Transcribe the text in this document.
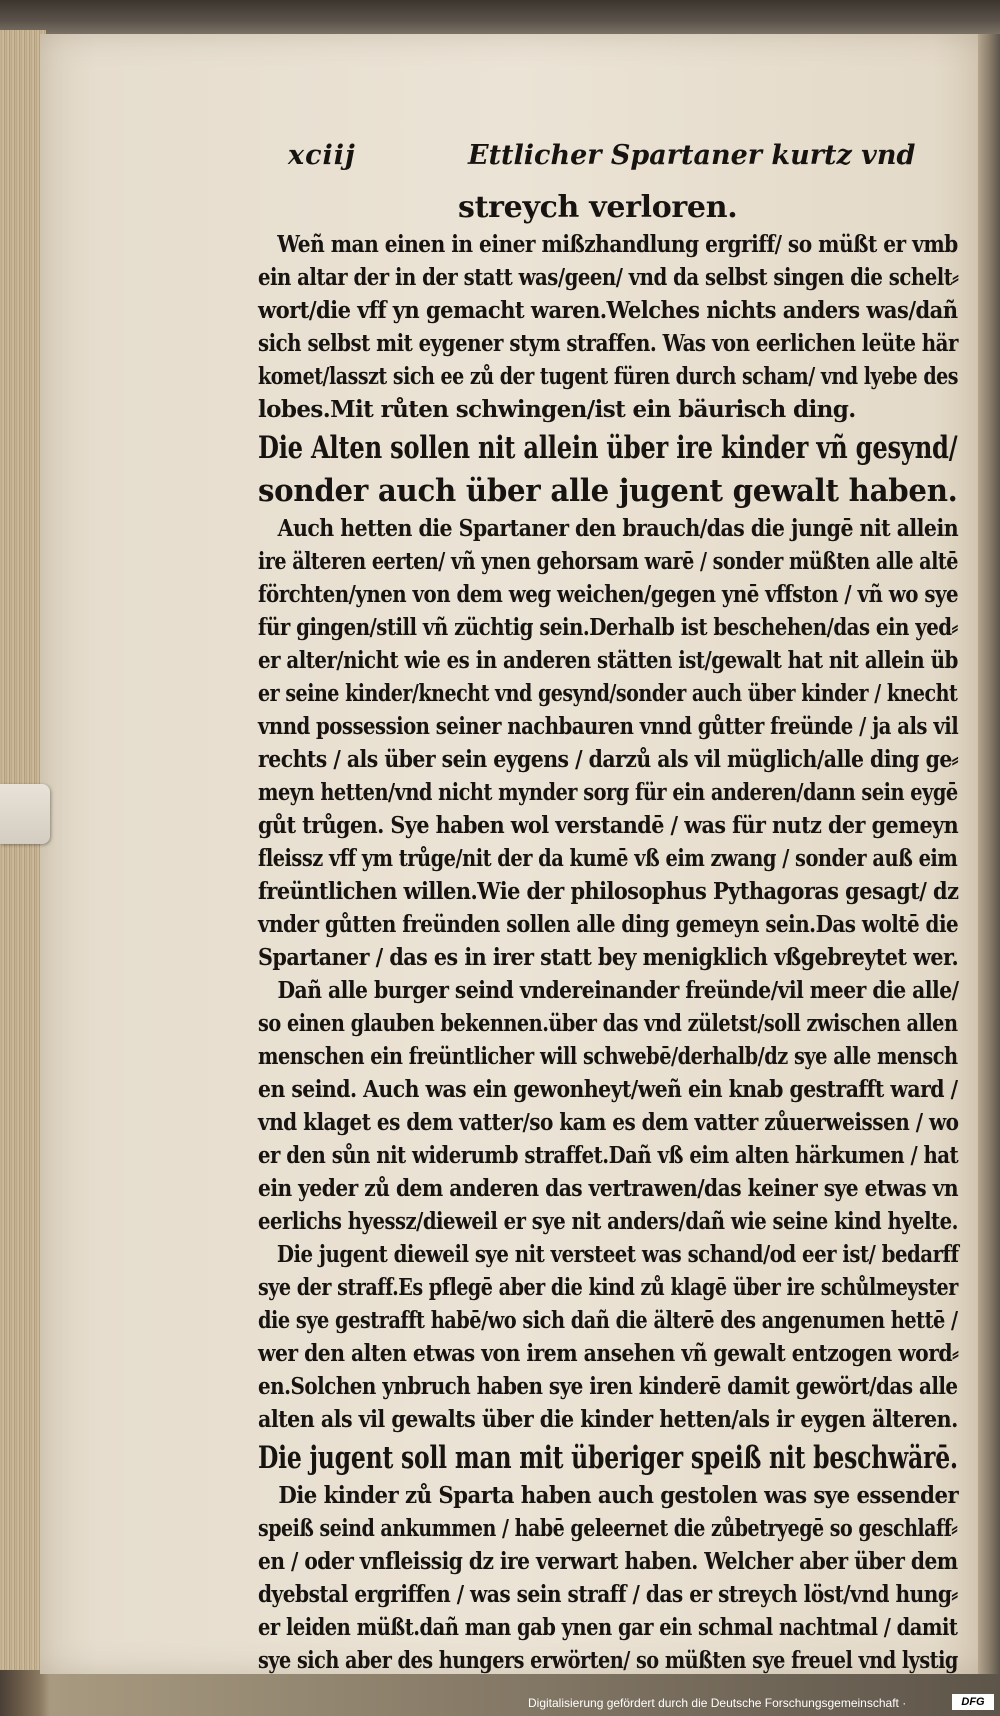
xciij	Ettlicher Spartaner kurtz vnd
streych verloren.
Weñ man einen in einer mißzhandlung ergriff/ so müßt er vmb
ein altar der in der statt was/geen/ vnd da selbst singen die schelt⸗
wort/die vff yn gemacht waren.Welches nichts anders was/dañ
sich selbst mit eygener stym straffen. Was von eerlichen leüte här
komet/lasszt sich ee zů der tugent füren durch scham/ vnd lyebe des
lobes.Mit růten schwingen/ist ein bäurisch ding.
Die Alten sollen nit allein über ire kinder vñ gesynd/
sonder auch über alle jugent gewalt haben.
Auch hetten die Spartaner den brauch/das die jungē nit allein
ire älteren eerten/ vñ ynen gehorsam warē / sonder müßten alle altē
förchten/ynen von dem weg weichen/gegen ynē vffston / vñ wo sye
für gingen/still vñ züchtig sein.Derhalb ist beschehen/das ein yed⸗
er alter/nicht wie es in anderen stätten ist/gewalt hat nit allein üb
er seine kinder/knecht vnd gesynd/sonder auch über kinder / knecht
vnnd possession seiner nachbauren vnnd gůtter freünde / ja als vil
rechts / als über sein eygens / darzů als vil müglich/alle ding ge⸗
meyn hetten/vnd nicht mynder sorg für ein anderen/dann sein eygē
gůt trůgen. Sye haben wol verstandē / was für nutz der gemeyn
fleissz vff ym trůge/nit der da kumē vß eim zwang / sonder auß eim
freüntlichen willen.Wie der philosophus Pythagoras gesagt/ dz
vnder gůtten freünden sollen alle ding gemeyn sein.Das woltē die
Spartaner / das es in irer statt bey menigklich vßgebreytet wer.
Dañ alle burger seind vndereinander freünde/vil meer die alle/
so einen glauben bekennen.über das vnd zületst/soll zwischen allen
menschen ein freüntlicher will schwebē/derhalb/dz sye alle mensch
en seind. Auch was ein gewonheyt/weñ ein knab gestrafft ward /
vnd klaget es dem vatter/so kam es dem vatter zůuerweissen / wo
er den sůn nit widerumb straffet.Dañ vß eim alten härkumen / hat
ein yeder zů dem anderen das vertrawen/das keiner sye etwas vn
eerlichs hyessz/dieweil er sye nit anders/dañ wie seine kind hyelte.
Die jugent dieweil sye nit versteet was schand/od eer ist/ bedarff
sye der straff.Es pflegē aber die kind zů klagē über ire schůlmeyster
die sye gestrafft habē/wo sich dañ die älterē des angenumen hettē /
wer den alten etwas von irem ansehen vñ gewalt entzogen word⸗
en.Solchen ynbruch haben sye iren kinderē damit gewört/das alle
alten als vil gewalts über die kinder hetten/als ir eygen älteren.
Die jugent soll man mit überiger speiß nit beschwärē.
Die kinder zů Sparta haben auch gestolen was sye essender
speiß seind ankummen / habē geleernet die zůbetryegē so geschlaff⸗
en / oder vnfleissig dz ire verwart haben. Welcher aber über dem
dyebstal ergriffen / was sein straff / das er streych löst/vnd hung⸗
er leiden müßt.dañ man gab ynen gar ein schmal nachtmal / damit
sye sich aber des hungers erwörten/ so müßten sye freuel vnd lystig
Digitalisierung gefördert durch die Deutsche Forschungsgemeinschaft ·	DFG
